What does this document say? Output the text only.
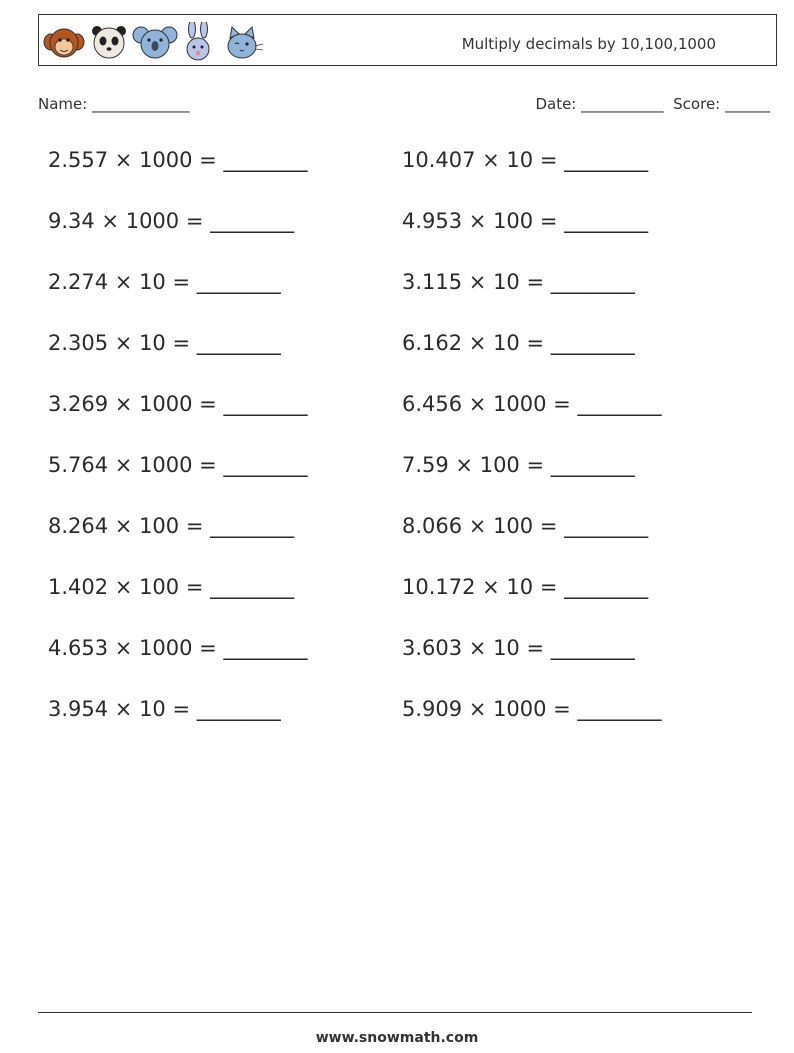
Multiply decimals by 10,100,1000
Name: _____________	Date: ___________  Score: ______
2.557 × 1000 = ________
9.34 × 1000 = ________
2.274 × 10 = ________
2.305 × 10 = ________
3.269 × 1000 = ________
5.764 × 1000 = ________
8.264 × 100 = ________
1.402 × 100 = ________
4.653 × 1000 = ________
3.954 × 10 = ________
10.407 × 10 = ________
4.953 × 100 = ________
3.115 × 10 = ________
6.162 × 10 = ________
6.456 × 1000 = ________
7.59 × 100 = ________
8.066 × 100 = ________
10.172 × 10 = ________
3.603 × 10 = ________
5.909 × 1000 = ________
www.snowmath.com
